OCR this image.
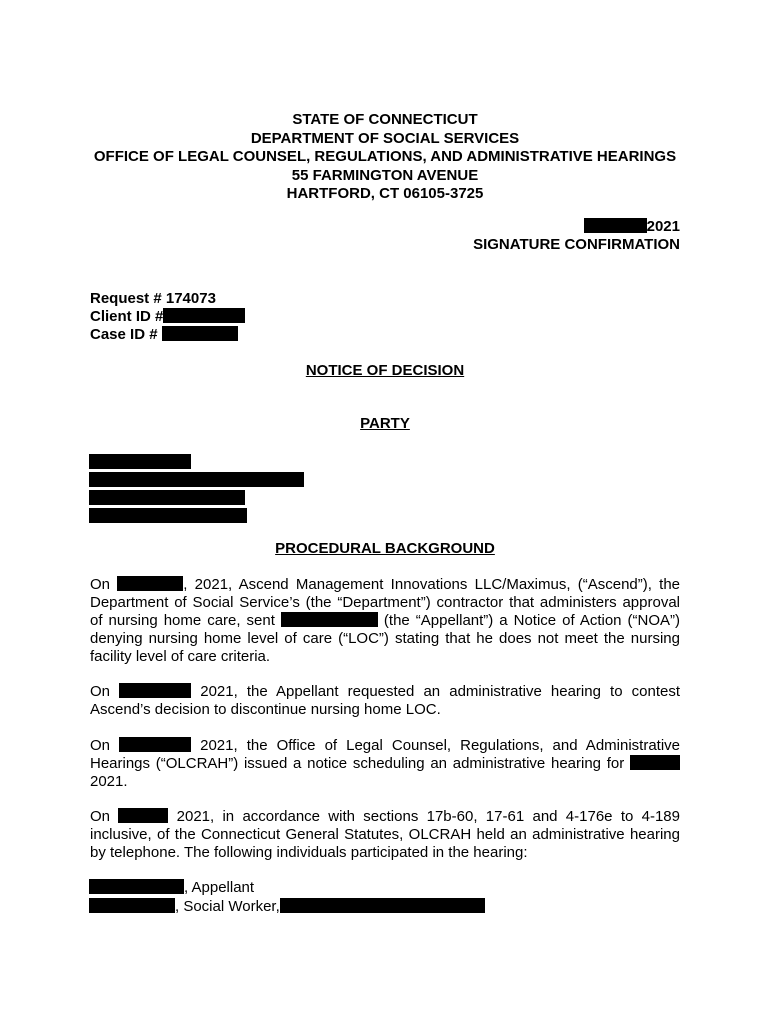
STATE OF CONNECTICUT
DEPARTMENT OF SOCIAL SERVICES
OFFICE OF LEGAL COUNSEL, REGULATIONS, AND ADMINISTRATIVE HEARINGS
55 FARMINGTON AVENUE
HARTFORD, CT 06105-3725
2021
SIGNATURE CONFIRMATION
Request # 174073
Client ID #
Case ID #
NOTICE OF DECISION
PARTY
PROCEDURAL BACKGROUND
On	, 2021, Ascend Management Innovations LLC/Maximus, (“Ascend”), the Department of Social Service’s (the “Department”) contractor that administers approval of nursing home care, sent	(the “Appellant”) a Notice of Action (“NOA”) denying nursing home level of care (“LOC”) stating that he does not meet the nursing facility level of care criteria.
On	2021, the Appellant requested an administrative hearing to contest Ascend’s decision to discontinue nursing home LOC.
On	2021, the Office of Legal Counsel, Regulations, and Administrative Hearings (“OLCRAH”) issued a notice scheduling an administrative hearing for  2021.
On	2021, in accordance with sections 17b-60, 17-61 and 4-176e to 4-189 inclusive, of the Connecticut General Statutes, OLCRAH held an administrative hearing by telephone. The following individuals participated in the hearing:
, Appellant
, Social Worker,
